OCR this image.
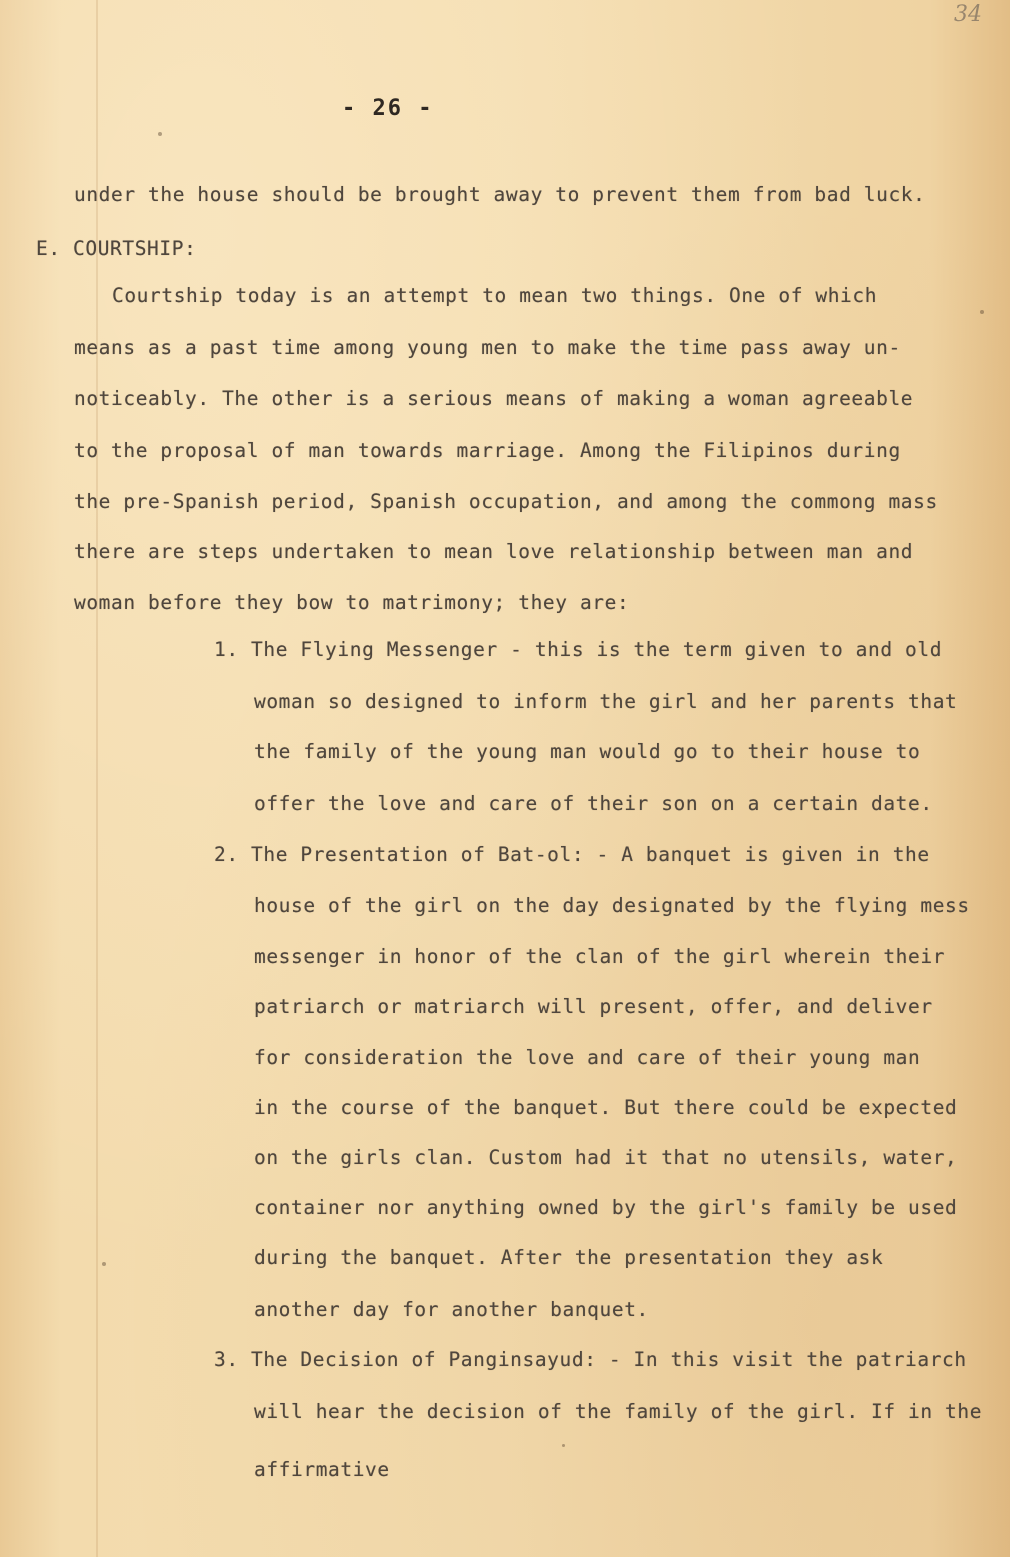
34
- 26 -
under the house should be brought away to prevent them from bad luck.
E. COURTSHIP:
Courtship today is an attempt to mean two things. One of which
means as a past time among young men to make the time pass away un-
noticeably. The other is a serious means of making a woman agreeable
to the proposal of man towards marriage. Among the Filipinos during
the pre-Spanish period, Spanish occupation, and among the commong mass
there are steps undertaken to mean love relationship between man and
woman before they bow to matrimony; they are:
1. The Flying Messenger - this is the term given to and old
woman so designed to inform the girl and her parents that
the family of the young man would go to their house to
offer the love and care of their son on a certain date.
2. The Presentation of Bat-ol: - A banquet is given in the
house of the girl on the day designated by the flying mess
messenger in honor of the clan of the girl wherein their
patriarch or matriarch will present, offer, and deliver
for consideration the love and care of their young man
in the course of the banquet. But there could be expected
on the girls clan. Custom had it that no utensils, water,
container nor anything owned by the girl's family be used
during the banquet. After the presentation they ask
another day for another banquet.
3. The Decision of Panginsayud: - In this visit the patriarch
will hear the decision of the family of the girl. If in the
affirmative
